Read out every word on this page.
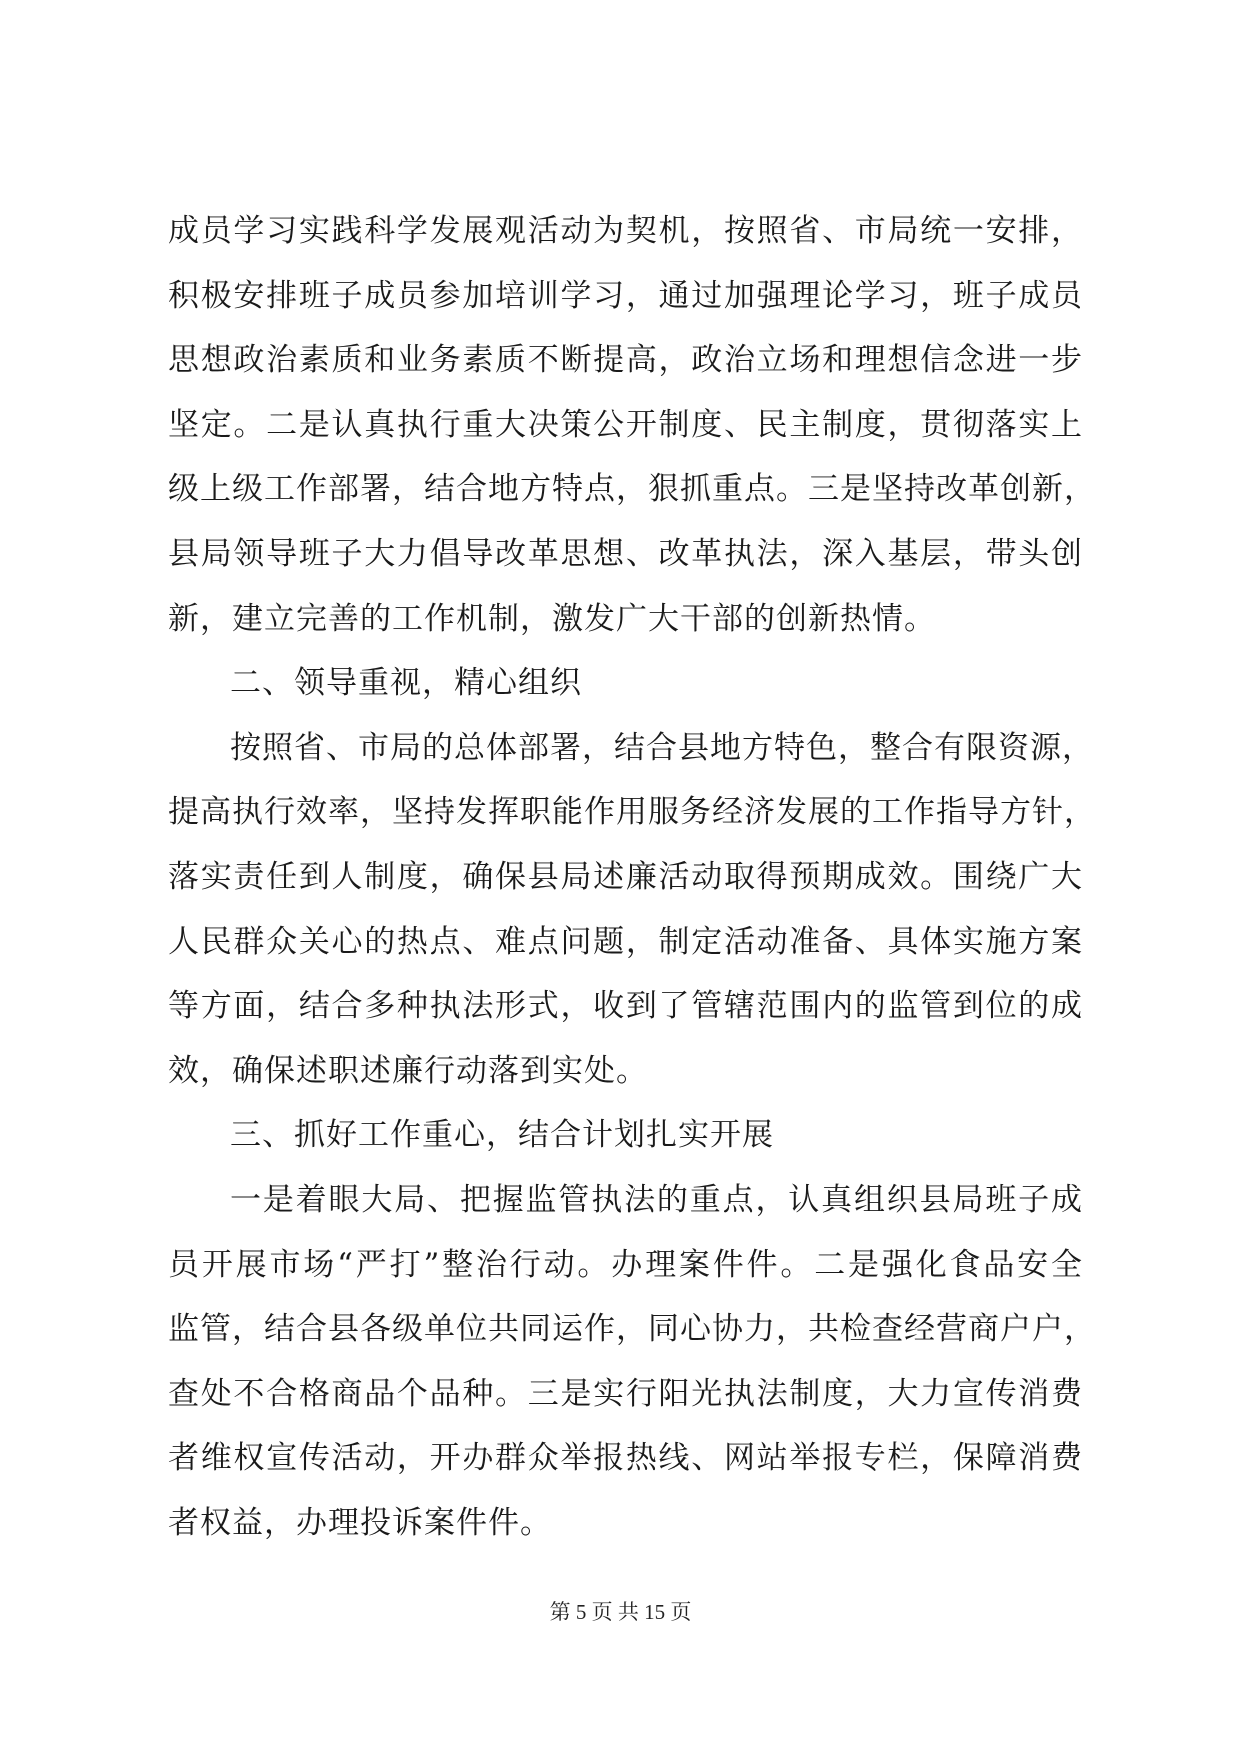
成员学习实践科学发展观活动为契机，按照省、市局统一安排，
积极安排班子成员参加培训学习，通过加强理论学习，班子成员
思想政治素质和业务素质不断提高，政治立场和理想信念进一步
坚定。二是认真执行重大决策公开制度、民主制度，贯彻落实上
级上级工作部署，结合地方特点，狠抓重点。三是坚持改革创新，
县局领导班子大力倡导改革思想、改革执法，深入基层，带头创
新，建立完善的工作机制，激发广大干部的创新热情。
二、领导重视，精心组织
按照省、市局的总体部署，结合县地方特色，整合有限资源，
提高执行效率，坚持发挥职能作用服务经济发展的工作指导方针，
落实责任到人制度，确保县局述廉活动取得预期成效。围绕广大
人民群众关心的热点、难点问题，制定活动准备、具体实施方案
等方面，结合多种执法形式，收到了管辖范围内的监管到位的成
效，确保述职述廉行动落到实处。
三、抓好工作重心，结合计划扎实开展
一是着眼大局、把握监管执法的重点，认真组织县局班子成
员开展市场“严打”整治行动。办理案件件。二是强化食品安全
监管，结合县各级单位共同运作，同心协力，共检查经营商户户，
查处不合格商品个品种。三是实行阳光执法制度，大力宣传消费
者维权宣传活动，开办群众举报热线、网站举报专栏，保障消费
者权益，办理投诉案件件。
第 5 页 共 15 页
